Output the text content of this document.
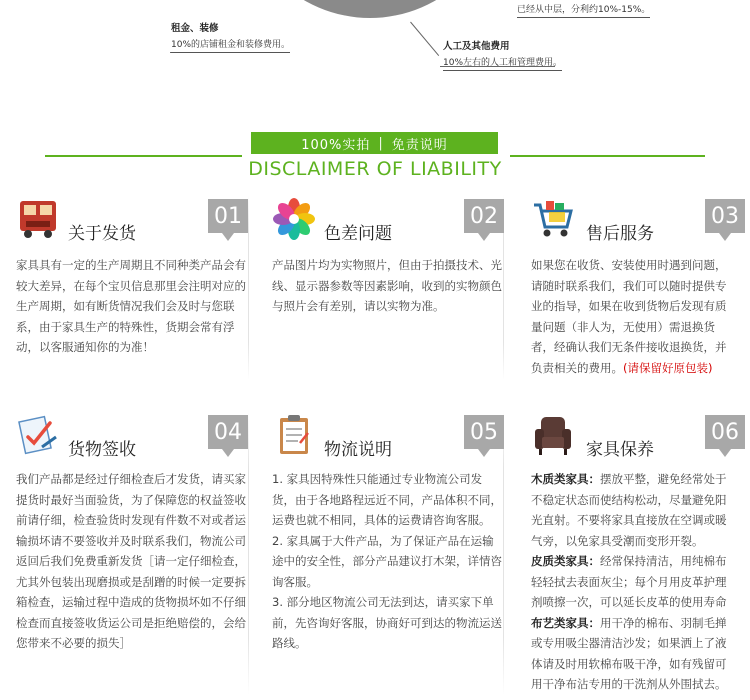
租金、装修
10%的店铺租金和装修费用。	人工及其他费用
10%左右的人工和管理费用。
已经从中层，分利约10%-15%。
100%实拍 | 免责说明
DISCLAIMER OF LIABILITY
关于发货
01

家具具有一定的生产周期且不同种类产品会有较大差异，在每个宝贝信息那里会注明对应的生产周期，如有断货情况我们会及时与您联系，由于家具生产的特殊性，货期会常有浮动，以客服通知你的为准！

色差问题
02

产品图片均为实物照片，但由于拍摄技术、光线、显示器参数等因素影响，收到的实物颜色与照片会有差别，请以实物为准。

售后服务
03

如果您在收货、安装使用时遇到问题，请随时联系我们，我们可以随时提供专业的指导，如果在收到货物后发现有质量问题（非人为，无使用）需退换货者，经确认我们无条件接收退换货，并负责相关的费用。(请保留好原包装)

货物签收
04

我们产品都是经过仔细检查后才发货，请买家提货时最好当面验货，为了保障您的权益签收前请仔细，检查验货时发现有件数不对或者运输损坏请不要签收并及时联系我们，物流公司返回后我们免费重新发货［请一定仔细检查，尤其外包装出现磨损或是刮蹭的时候一定要拆箱检查，运输过程中造成的货物损坏如不仔细检查而直接签收货运公司是拒绝赔偿的，会给您带来不必要的损失］

物流说明
05

1. 家具因特殊性只能通过专业物流公司发货，由于各地路程远近不同，产品体积不同，运费也就不相同，具体的运费请咨询客服。

2. 家具属于大件产品，为了保证产品在运输途中的安全性，部分产品建议打木架，详情咨询客服。

3. 部分地区物流公司无法到达，请买家下单前，先咨询好客服，协商好可到达的物流运送路线。

家具保养
06

木质类家具：摆放平整，避免经常处于不稳定状态而使结构松动，尽量避免阳光直射。不要将家具直接放在空调或暖气旁，以免家具受潮而变形开裂。

皮质类家具：经常保持清洁，用纯棉布轻轻拭去表面灰尘；每个月用皮革护理剂喷擦一次，可以延长皮革的使用寿命

布艺类家具：用干净的棉布、羽制毛掸或专用吸尘器清洁沙发；如果洒上了液体请及时用软棉布吸干净，如有残留可用干净布沾专用的干洗剂从外围拭去。
